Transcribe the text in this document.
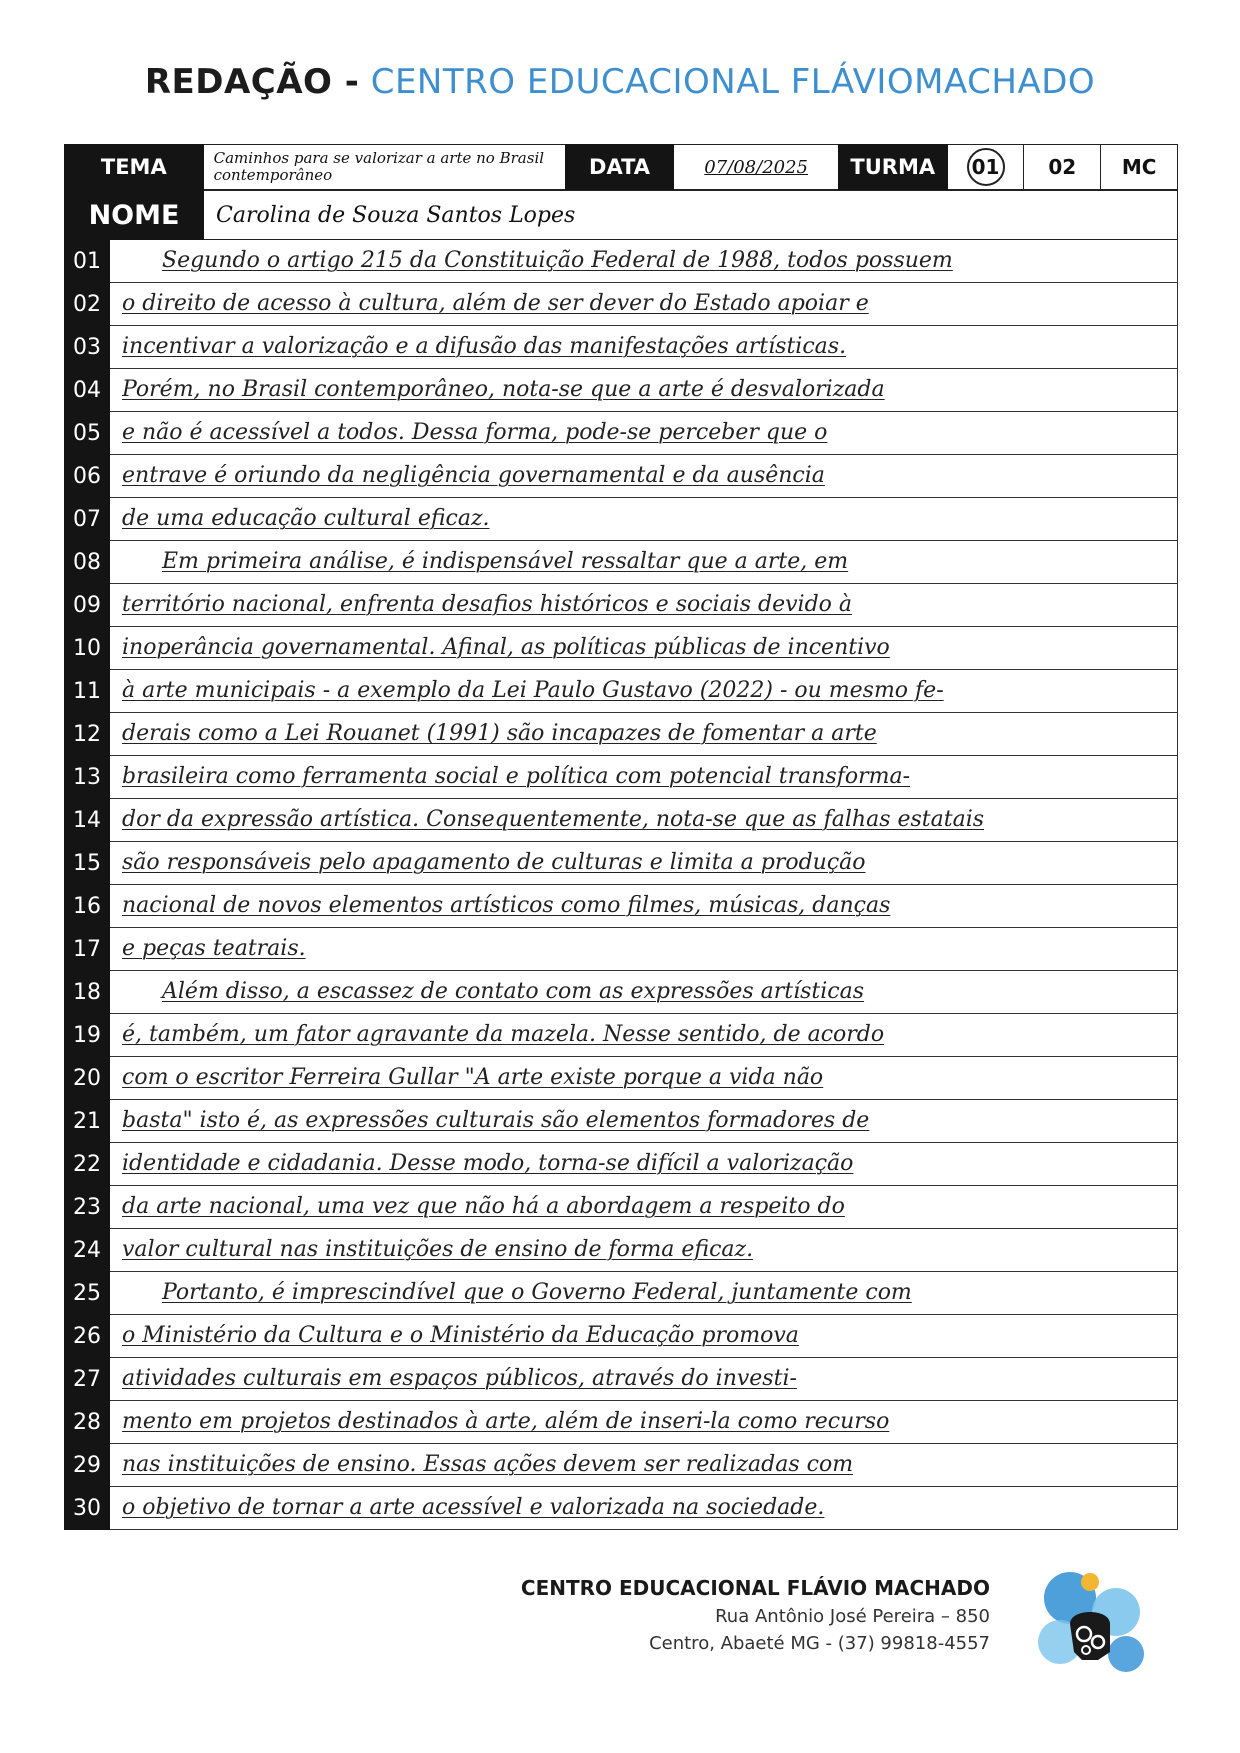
REDAÇÃO - CENTRO EDUCACIONAL FLÁVIOMACHADO
TEMA	Caminhos para se valorizar a arte no Brasil contemporâneo	DATA	07/08/2025	TURMA	01	02	MC
NOME	Carolina de Souza Santos Lopes
01	Segundo o artigo 215 da Constituição Federal de 1988, todos possuem
02 o direito de acesso à cultura, além de ser dever do Estado apoiar e
03 incentivar a valorização e a difusão das manifestações artísticas.
04 Porém, no Brasil contemporâneo, nota-se que a arte é desvalorizada
05 e não é acessível a todos. Dessa forma, pode-se perceber que o
06 entrave é oriundo da negligência governamental e da ausência
07 de uma educação cultural eficaz.
08	Em primeira análise, é indispensável ressaltar que a arte, em
09 território nacional, enfrenta desafios históricos e sociais devido à
10 inoperância governamental. Afinal, as políticas públicas de incentivo
11 à arte municipais - a exemplo da Lei Paulo Gustavo (2022) - ou mesmo fe-
12 derais como a Lei Rouanet (1991) são incapazes de fomentar a arte
13 brasileira como ferramenta social e política com potencial transforma-
14 dor da expressão artística. Consequentemente, nota-se que as falhas estatais
15 são responsáveis pelo apagamento de culturas e limita a produção
16 nacional de novos elementos artísticos como filmes, músicas, danças
17 e peças teatrais.
18	Além disso, a escassez de contato com as expressões artísticas
19 é, também, um fator agravante da mazela. Nesse sentido, de acordo
20 com o escritor Ferreira Gullar "A arte existe porque a vida não
21 basta" isto é, as expressões culturais são elementos formadores de
22 identidade e cidadania. Desse modo, torna-se difícil a valorização
23 da arte nacional, uma vez que não há a abordagem a respeito do
24 valor cultural nas instituições de ensino de forma eficaz.
25	Portanto, é imprescindível que o Governo Federal, juntamente com
26 o Ministério da Cultura e o Ministério da Educação promova
27 atividades culturais em espaços públicos, através do investi-
28 mento em projetos destinados à arte, além de inseri-la como recurso
29 nas instituições de ensino. Essas ações devem ser realizadas com
30 o objetivo de tornar a arte acessível e valorizada na sociedade.
CENTRO EDUCACIONAL FLÁVIO MACHADO
Rua Antônio José Pereira – 850
Centro, Abaeté MG - (37) 99818-4557
